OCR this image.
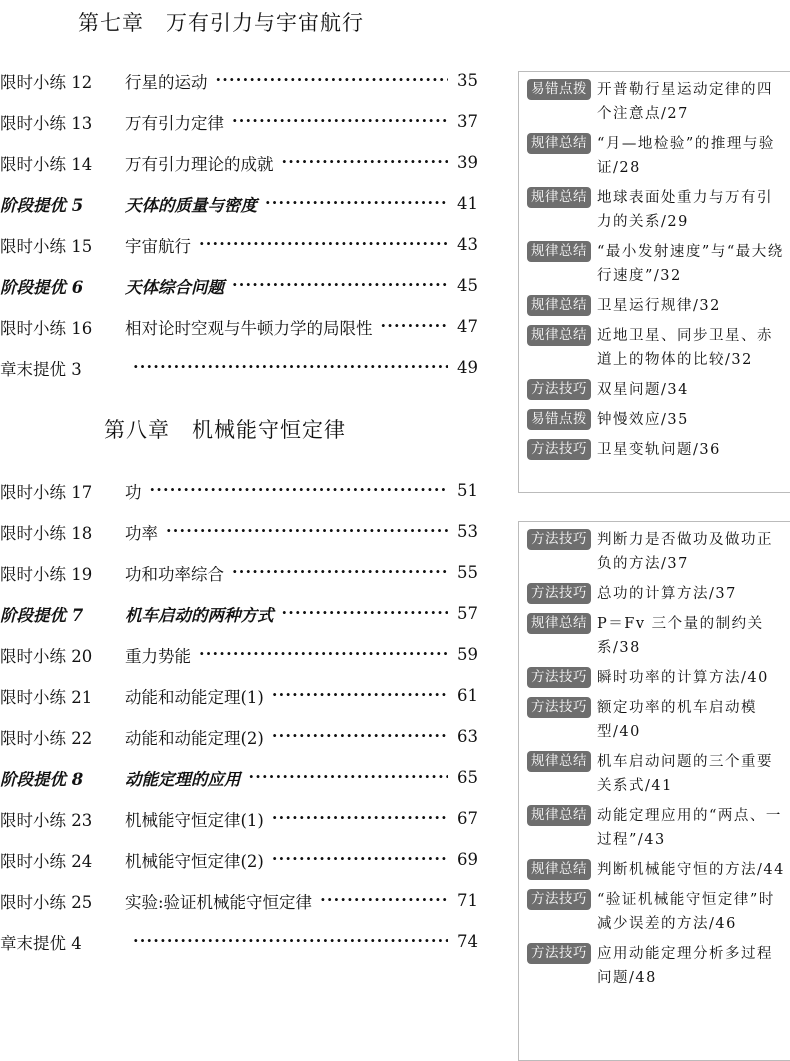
第七章　万有引力与宇宙航行
限时小练 12	行星的运动 ·····	35
限时小练 13	万有引力定律 ·····	37
限时小练 14	万有引力理论的成就 ·····	39
阶段提优 5	天体的质量与密度 ·····	41
限时小练 15	宇宙航行 ·····	43
阶段提优 6	天体综合问题 ·····	45
限时小练 16	相对论时空观与牛顿力学的局限性 ·····	47
章末提优 3 ·····	49
易错点拨 开普勒行星运动定律的四个注意点/27
规律总结 “月—地检验”的推理与验证/28
规律总结 地球表面处重力与万有引力的关系/29
规律总结 “最小发射速度”与“最大绕行速度”/32
规律总结 卫星运行规律/32
规律总结 近地卫星、同步卫星、赤道上的物体的比较/32
方法技巧 双星问题/34
易错点拨 钟慢效应/35
方法技巧 卫星变轨问题/36
第八章　机械能守恒定律
限时小练 17	功 ·····	51
限时小练 18	功率 ·····	53
限时小练 19	功和功率综合 ·····	55
阶段提优 7	机车启动的两种方式 ·····	57
限时小练 20	重力势能 ·····	59
限时小练 21	动能和动能定理(1) ·····	61
限时小练 22	动能和动能定理(2) ·····	63
阶段提优 8	动能定理的应用 ·····	65
限时小练 23	机械能守恒定律(1) ·····	67
限时小练 24	机械能守恒定律(2) ·····	69
限时小练 25	实验:验证机械能守恒定律 ·····	71
章末提优 4 ·····	74
方法技巧 判断力是否做功及做功正负的方法/37
方法技巧 总功的计算方法/37
规律总结 P＝Fv 三个量的制约关系/38
方法技巧 瞬时功率的计算方法/40
方法技巧 额定功率的机车启动模型/40
规律总结 机车启动问题的三个重要关系式/41
规律总结 动能定理应用的“两点、一过程”/43
规律总结 判断机械能守恒的方法/44
方法技巧 “验证机械能守恒定律”时减少误差的方法/46
方法技巧 应用动能定理分析多过程问题/48
